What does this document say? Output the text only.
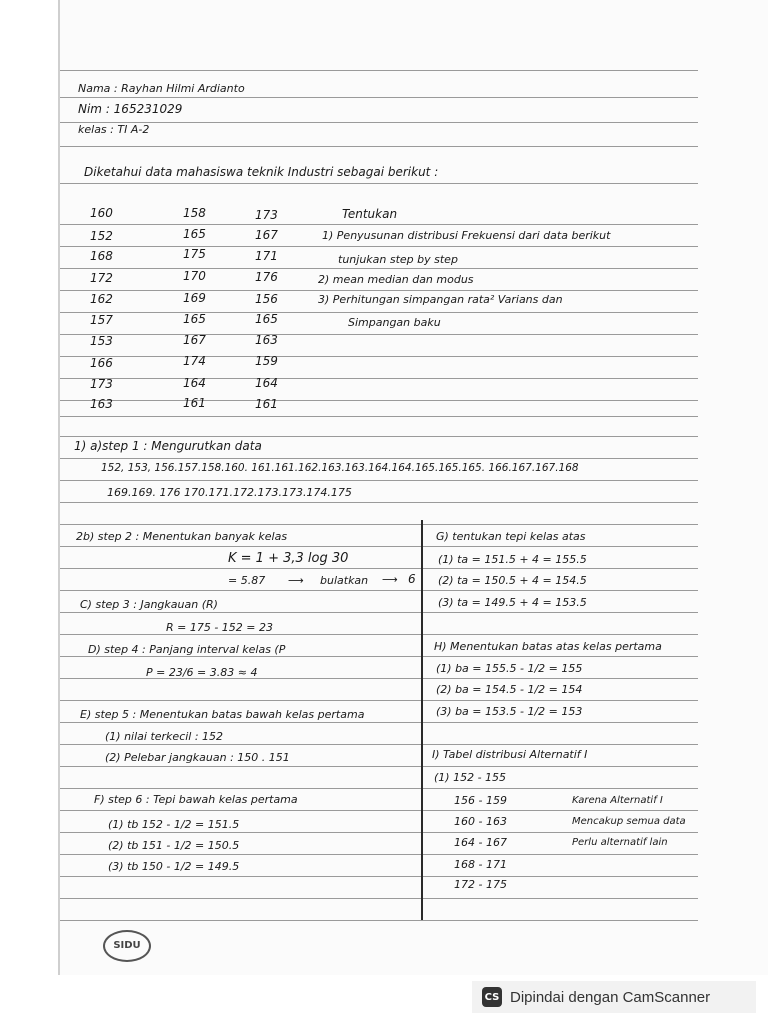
Nama : Rayhan Hilmi Ardianto
Nim : 165231029
kelas : TI A-2
Diketahui data mahasiswa teknik Industri sebagai berikut :
160
152
168
172
162
157
153
166
173
163
158
165
175
170
169
165
167
174
164
161
173
167
171
176
156
165
163
159
164
161
Tentukan
1) Penyusunan distribusi Frekuensi dari data berikut
tunjukan step by step
2) mean median dan modus
3) Perhitungan simpangan rata² Varians dan
Simpangan baku
1) a)step 1 : Mengurutkan data
152, 153, 156.157.158.160. 161.161.162.163.163.164.164.165.165.165. 166.167.167.168
169.169. 176 170.171.172.173.173.174.175
2b) step 2 : Menentukan banyak kelas
K = 1 + 3,3 log 30
= 5.87 ⟶ bulatkan ⟶ 6
C) step 3 : Jangkauan (R)
R = 175 - 152 = 23
D) step 4 : Panjang interval kelas (P
P = 23/6 = 3.83 ≈ 4
E) step 5 : Menentukan batas bawah kelas pertama
(1) nilai terkecil : 152
(2) Pelebar jangkauan : 150 . 151
F) step 6 : Tepi bawah kelas pertama
(1) tb 152 - 1/2 = 151.5
(2) tb 151 - 1/2 = 150.5
(3) tb 150 - 1/2 = 149.5
G) tentukan tepi kelas atas
(1) ta = 151.5 + 4 = 155.5
(2) ta = 150.5 + 4 = 154.5
(3) ta = 149.5 + 4 = 153.5
H) Menentukan batas atas kelas pertama
(1) ba = 155.5 - 1/2 = 155
(2) ba = 154.5 - 1/2 = 154
(3) ba = 153.5 - 1/2 = 153
I) Tabel distribusi Alternatif I
(1) 152 - 155
156 - 159
160 - 163
164 - 167
168 - 171
172 - 175
Karena Alternatif I
Mencakup semua data
Perlu alternatif lain
SIDU
CS Dipindai dengan CamScanner
